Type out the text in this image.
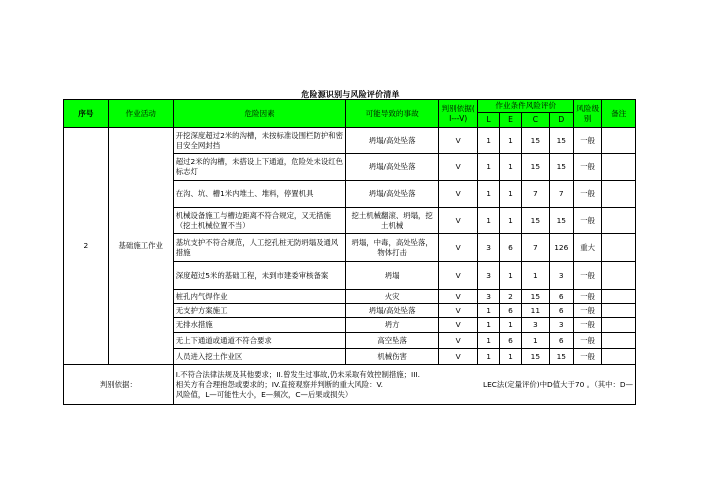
危险源识别与风险评价清单
序号	作业活动	危险因素	可能导致的事故	判别依据( I---V)	作业条件风险评价				风险级别	备注
					L	E	C	D		
2	基础施工作业	开挖深度超过2米的沟槽，未按标准设围栏防护和密目安全网封挡	坍塌/高处坠落	V	1	1	15	15	一般	
		超过2米的沟槽，未搭设上下通道，危险处未设红色标志灯	坍塌/高处坠落	V	1	1	15	15	一般	
		在沟、坑、槽1米内堆土、堆料，停置机具	坍塌/高处坠落	V	1	1	7	7	一般	
		机械设备施工与槽边距离不符合规定，又无措施（挖土机械位置不当）	挖土机械翻滚、坍塌，挖土机械	V	1	1	15	15	一般	
		基坑支护不符合规范，人工挖孔桩无防坍塌及通风措施	坍塌，中毒，高处坠落，物体打击	V	3	6	7	126	重大	
		深度超过5米的基础工程，未到市建委审核备案	坍塌	V	3	1	1	3	一般	
		桩孔内气焊作业	火灾	V	3	2	15	6	一般	
		无支护方案施工	坍塌/高处坠落	V	1	6	11	6	一般	
		无排水措施	坍方	V	1	1	3	3	一般	
		无上下通道或通道不符合要求	高空坠落	V	1	6	1	6	一般	
		人员进入挖土作业区	机械伤害	V	1	1	15	15	一般	
判别依据：		I.不符合法律法规及其他要求；II.曾发生过事故,仍未采取有效控制措施；III.
相关方有合理抱怨或要求的；IV.直接观察并判断的重大风险：V. LEC法(定量评价)中D值大于70 。（其中：D—
风险值，L—可能性大小，E—频次，C—后果或损失）								
